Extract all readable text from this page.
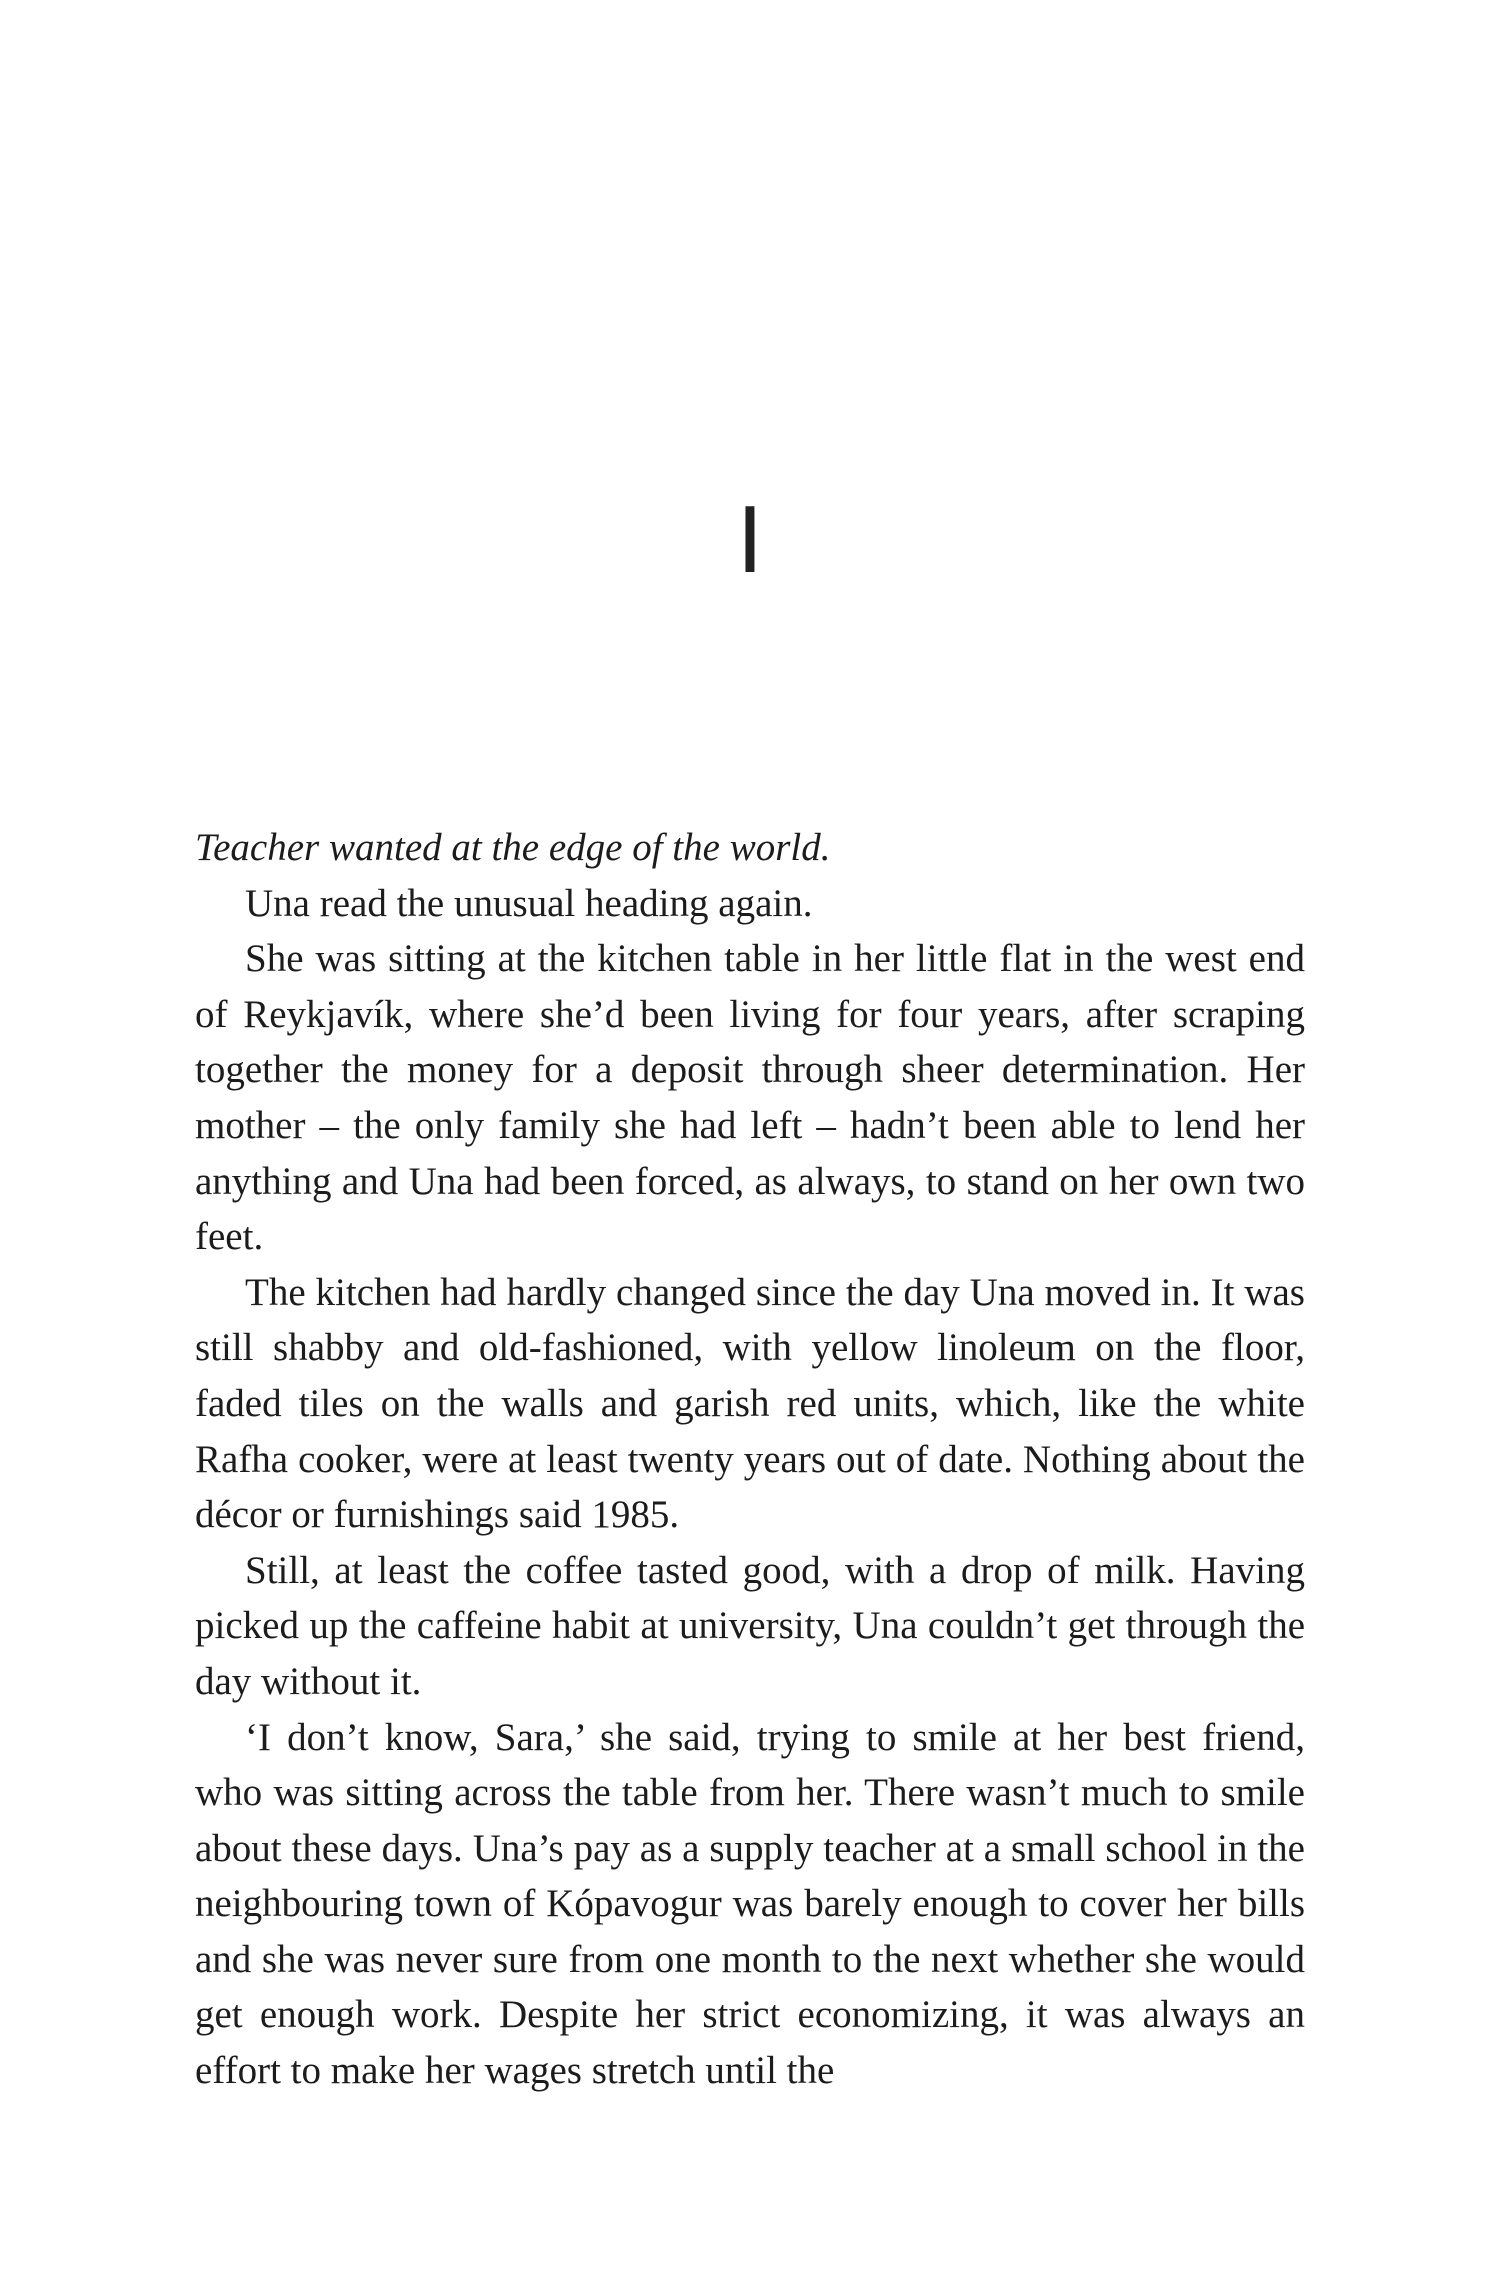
I

Teacher wanted at the edge of the world.

Una read the unusual heading again.

She was sitting at the kitchen table in her little flat in the west end of Reykjavík, where she’d been living for four years, after scraping together the money for a deposit through sheer determination. Her mother – the only family she had left – hadn’t been able to lend her anything and Una had been forced, as always, to stand on her own two feet.

The kitchen had hardly changed since the day Una moved in. It was still shabby and old-fashioned, with yellow linoleum on the floor, faded tiles on the walls and garish red units, which, like the white Rafha cooker, were at least twenty years out of date. Nothing about the décor or furnishings said 1985.

Still, at least the coffee tasted good, with a drop of milk. Having picked up the caffeine habit at university, Una couldn’t get through the day without it.

‘I don’t know, Sara,’ she said, trying to smile at her best friend, who was sitting across the table from her. There wasn’t much to smile about these days. Una’s pay as a supply teacher at a small school in the neighbouring town of Kópavogur was barely enough to cover her bills and she was never sure from one month to the next whether she would get enough work. Despite her strict economizing, it was always an effort to make her wages stretch until the
